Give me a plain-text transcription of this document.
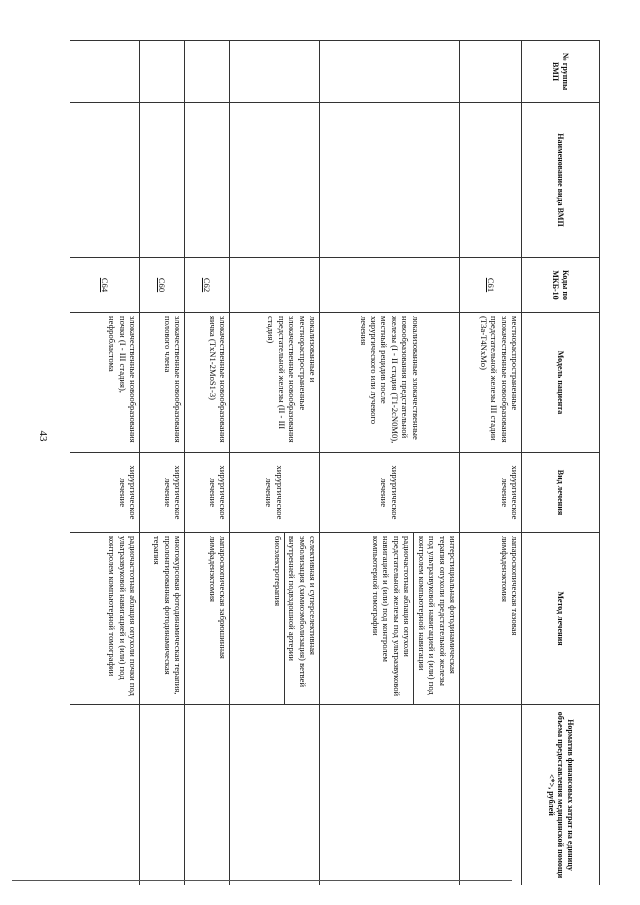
43
№ группы ВМП	Наименование вида ВМП	Коды по МКБ-10	Модель пациента	Вид лечения	Метод лечения	Норматив финансовых затрат на единицу объема предоставления медицинской помощи <*>, рублей
		C61	местнораспространенные злокачественные новообразования предстательной железы III стадии (T3a-T4NxMo)	хирургическое лечение	лапароскопическая тазовая лимфаденэктомия	
			локализованные злокачественные новообразования предстательной железы (I - II стадия (T1-2cN0M0), местный рецидив после хирургического или лучевого лечения	хирургическое лечение	интерстициальная фотодинамическая терапия опухоли предстательной железы под ультразвуковой навигацией и (или) под контролем компьютерной навигации
радиочастотная аблация опухоли предстательной железы под ультразвуковой навигацией и (или) под контролем компьютерной томографии	

			локализованные и местнораспространенные злокачественные новообразования предстательной железы (II - III стадия)	хирургическое лечение	селективная и суперселективная эмболизация (химиоэмболизация) ветвей внутренней подвздошной артерии
биоэлектротерапия	

		C62	злокачественные новообразования яичка (TxN1-2MoS1-3)	хирургическое лечение	лапароскопическая забрюшинная лимфаденэктомия	
		C60	злокачественные новообразования полового члена	хирургическое лечение	многокурсовая фотодинамическая терапия, пролонгированная фотодинамическая терапия	
		C64	злокачественные новообразования почки (I - III стадия), нефробластома	хирургическое лечение	радиочастотная аблация опухоли почки под ультразвуковой навигацией и (или) под контролем компьютерной томографии	
